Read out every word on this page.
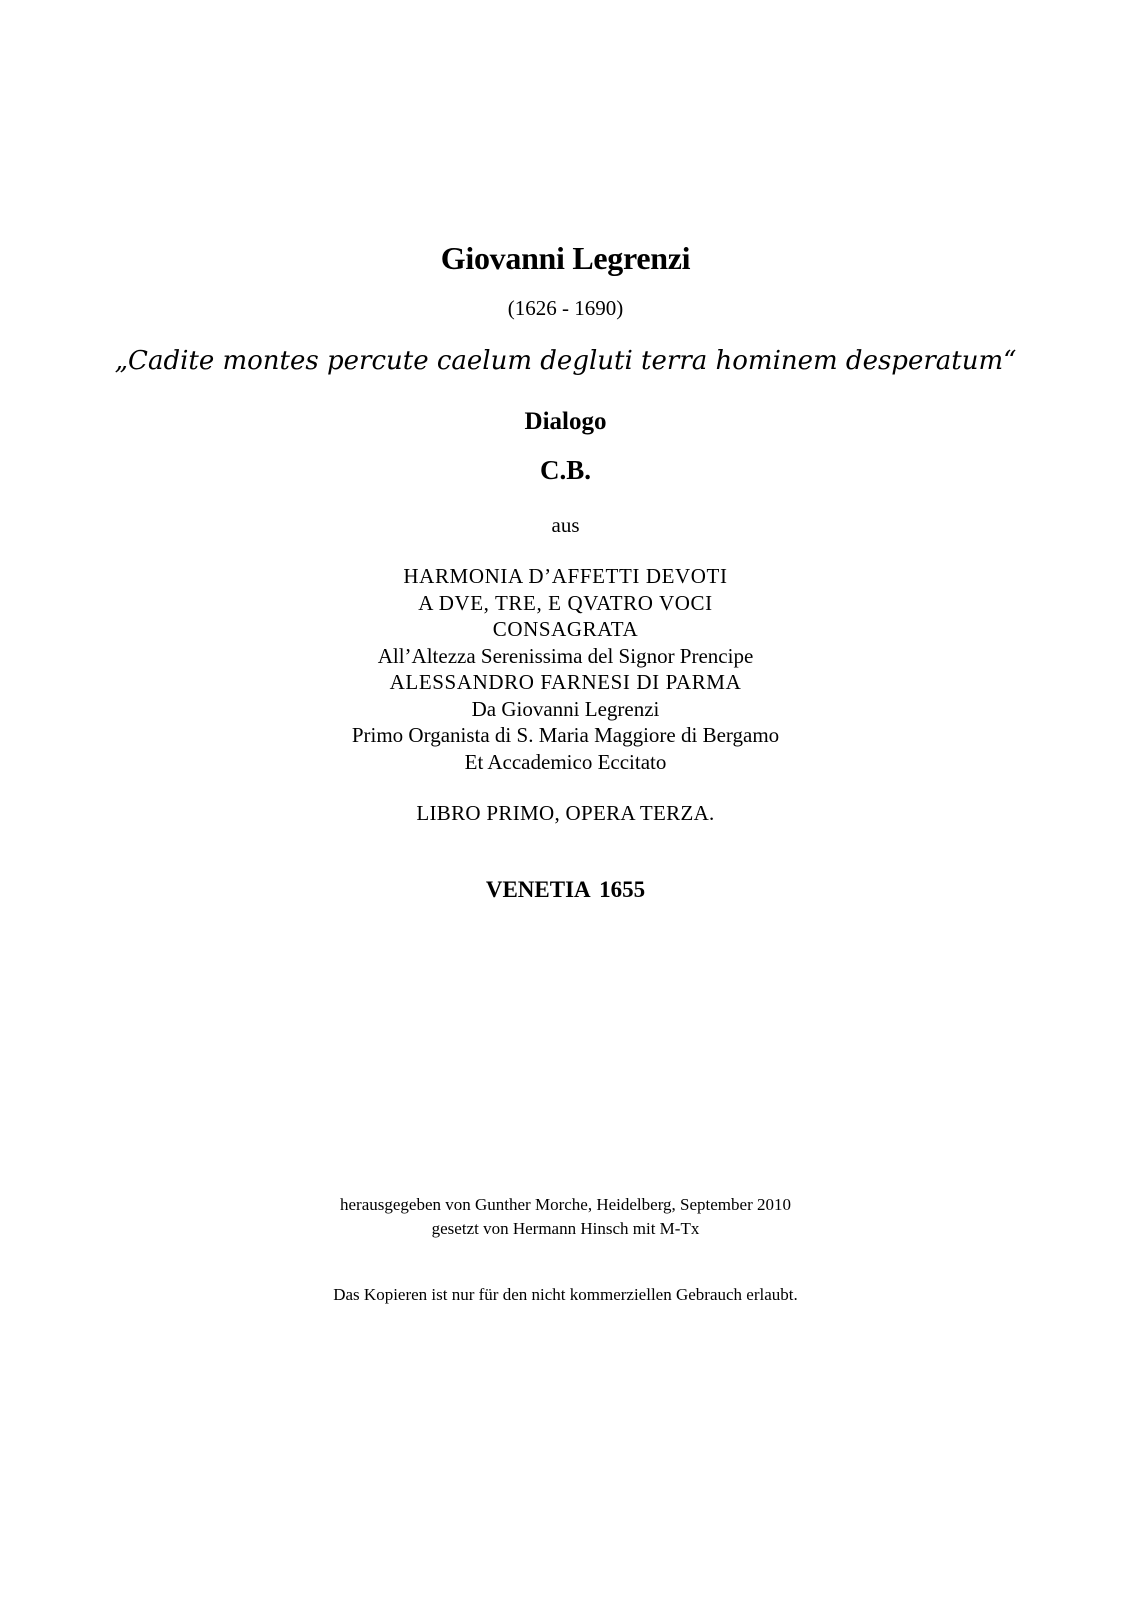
Giovanni Legrenzi
(1626 - 1690)
„Cadite montes percute caelum degluti terra hominem desperatum“
Dialogo
C.B.
aus
HARMONIA D’AFFETTI DEVOTI
A DVE, TRE, E QVATRO VOCI
CONSAGRATA
All’Altezza Serenissima del Signor Prencipe
ALESSANDRO FARNESI DI PARMA
Da Giovanni Legrenzi
Primo Organista di S. Maria Maggiore di Bergamo
Et Accademico Eccitato
LIBRO PRIMO, OPERA TERZA.
VENETIA 1655
herausgegeben von Gunther Morche, Heidelberg, September 2010
gesetzt von Hermann Hinsch mit M-Tx
Das Kopieren ist nur für den nicht kommerziellen Gebrauch erlaubt.
